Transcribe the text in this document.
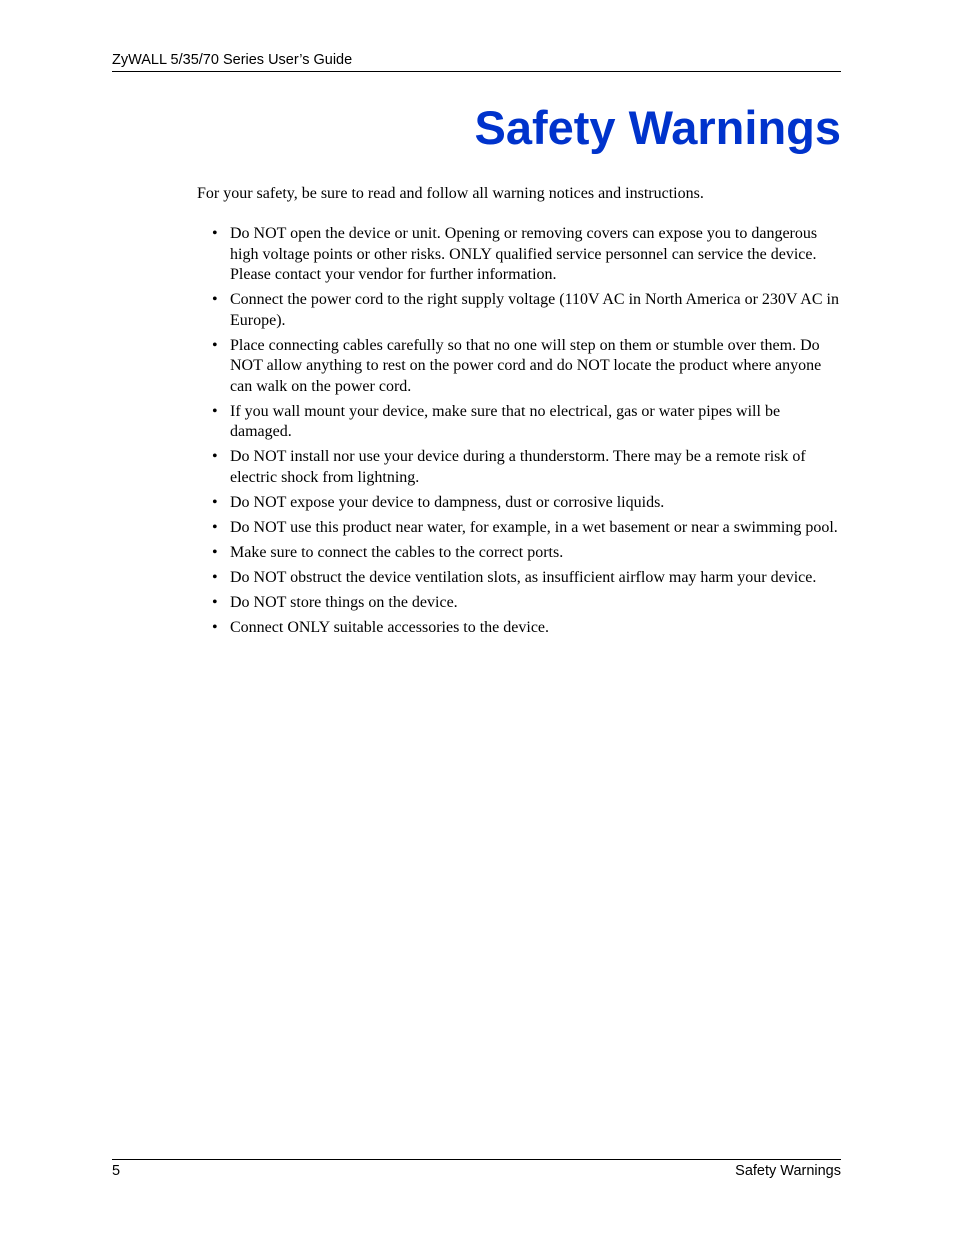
ZyWALL 5/35/70 Series User’s Guide
Safety Warnings

For your safety, be sure to read and follow all warning notices and instructions.

• Do NOT open the device or unit. Opening or removing covers can expose you to dangerous high voltage points or other risks. ONLY qualified service personnel can service the device. Please contact your vendor for further information.
• Connect the power cord to the right supply voltage (110V AC in North America or 230V AC in Europe).
• Place connecting cables carefully so that no one will step on them or stumble over them. Do NOT allow anything to rest on the power cord and do NOT locate the product where anyone can walk on the power cord.
• If you wall mount your device, make sure that no electrical, gas or water pipes will be damaged.
• Do NOT install nor use your device during a thunderstorm. There may be a remote risk of electric shock from lightning.
• Do NOT expose your device to dampness, dust or corrosive liquids.
• Do NOT use this product near water, for example, in a wet basement or near a swimming pool.
• Make sure to connect the cables to the correct ports.
• Do NOT obstruct the device ventilation slots, as insufficient airflow may harm your device.
• Do NOT store things on the device.
• Connect ONLY suitable accessories to the device.
5	Safety Warnings
